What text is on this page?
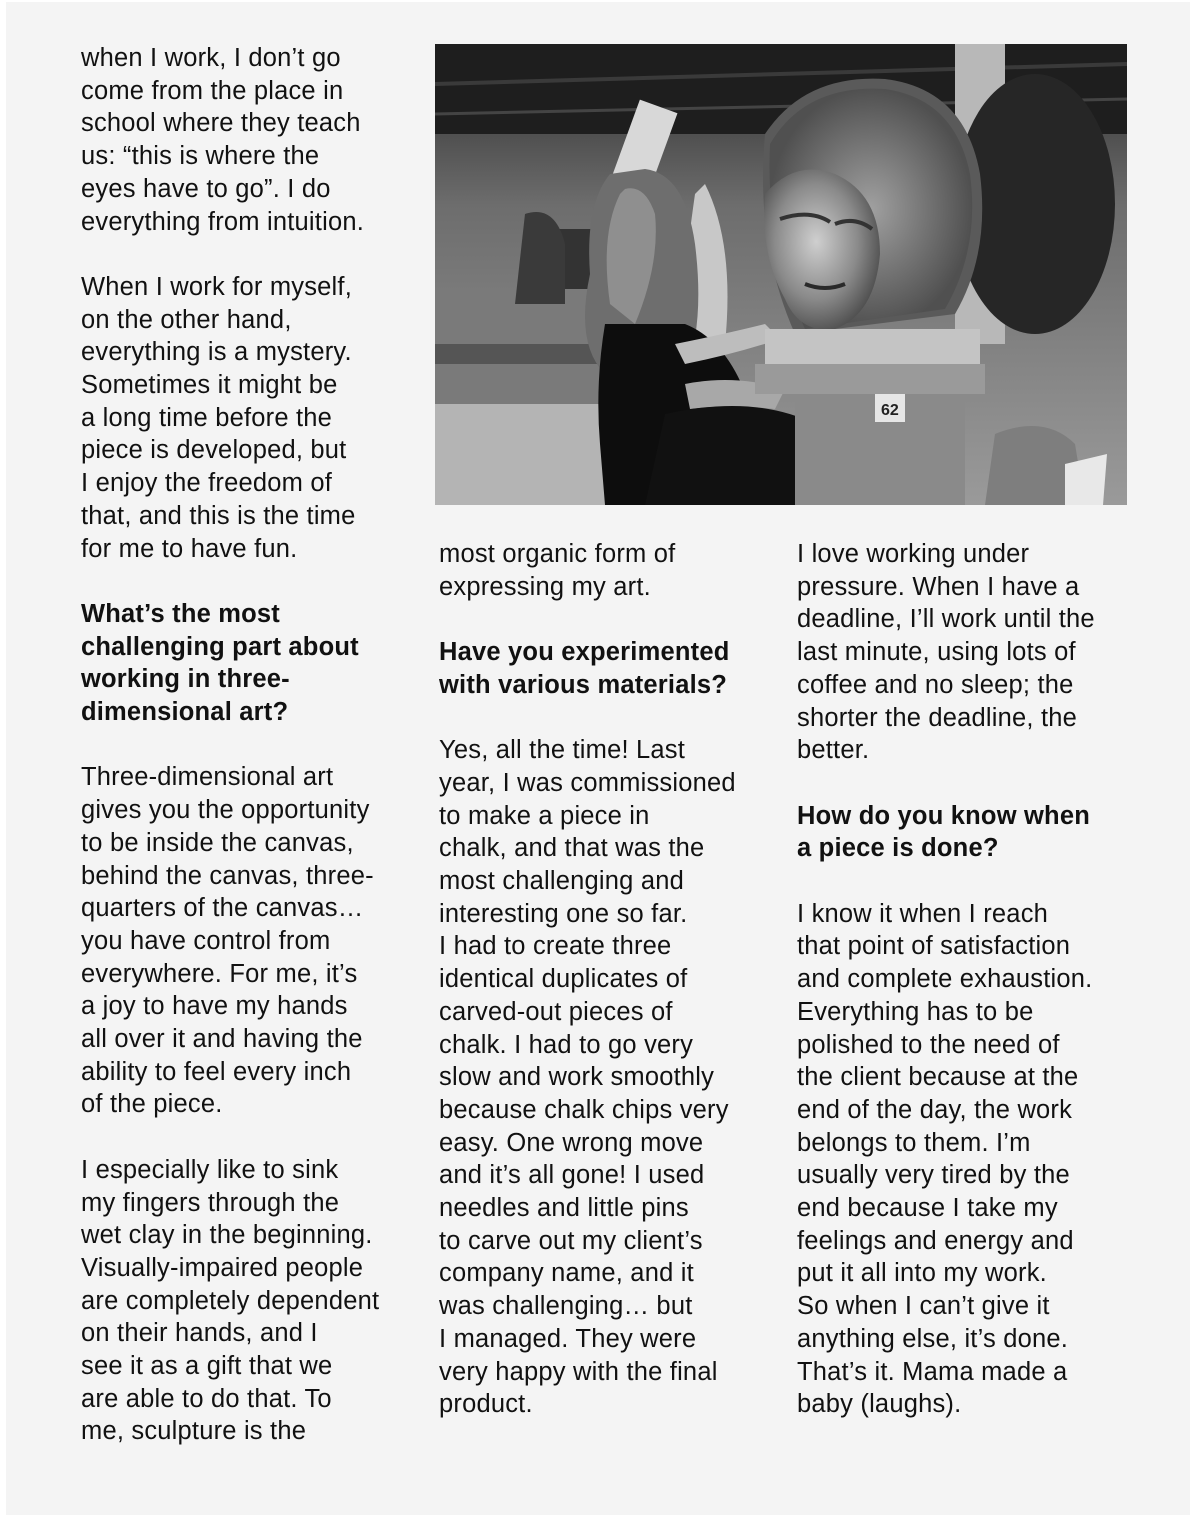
when I work, I don’t go
come from the place in
school where they teach
us: “this is where the
eyes have to go”. I do
everything from intuition.

When I work for myself,
on the other hand,
everything is a mystery.
Sometimes it might be
a long time before the
piece is developed, but
I enjoy the freedom of
that, and this is the time
for me to have fun.

What’s the most
challenging part about
working in three-
dimensional art?

Three-dimensional art
gives you the opportunity
to be inside the canvas,
behind the canvas, three-
quarters of the canvas…
you have control from
everywhere. For me, it’s
a joy to have my hands
all over it and having the
ability to feel every inch
of the piece.

I especially like to sink
my fingers through the
wet clay in the beginning.
Visually-impaired people
are completely dependent
on their hands, and I
see it as a gift that we
are able to do that. To
me, sculpture is the

most organic form of
expressing my art.

Have you experimented
with various materials?

Yes, all the time! Last
year, I was commissioned
to make a piece in
chalk, and that was the
most challenging and
interesting one so far.
I had to create three
identical duplicates of
carved-out pieces of
chalk. I had to go very
slow and work smoothly
because chalk chips very
easy. One wrong move
and it’s all gone! I used
needles and little pins
to carve out my client’s
company name, and it
was challenging… but
I managed. They were
very happy with the final
product.

I love working under
pressure. When I have a
deadline, I’ll work until the
last minute, using lots of
coffee and no sleep; the
shorter the deadline, the
better.

How do you know when
a piece is done?

I know it when I reach
that point of satisfaction
and complete exhaustion.
Everything has to be
polished to the need of
the client because at the
end of the day, the work
belongs to them. I’m
usually very tired by the
end because I take my
feelings and energy and
put it all into my work.
So when I can’t give it
anything else, it’s done.
That’s it. Mama made a
baby (laughs).

62
